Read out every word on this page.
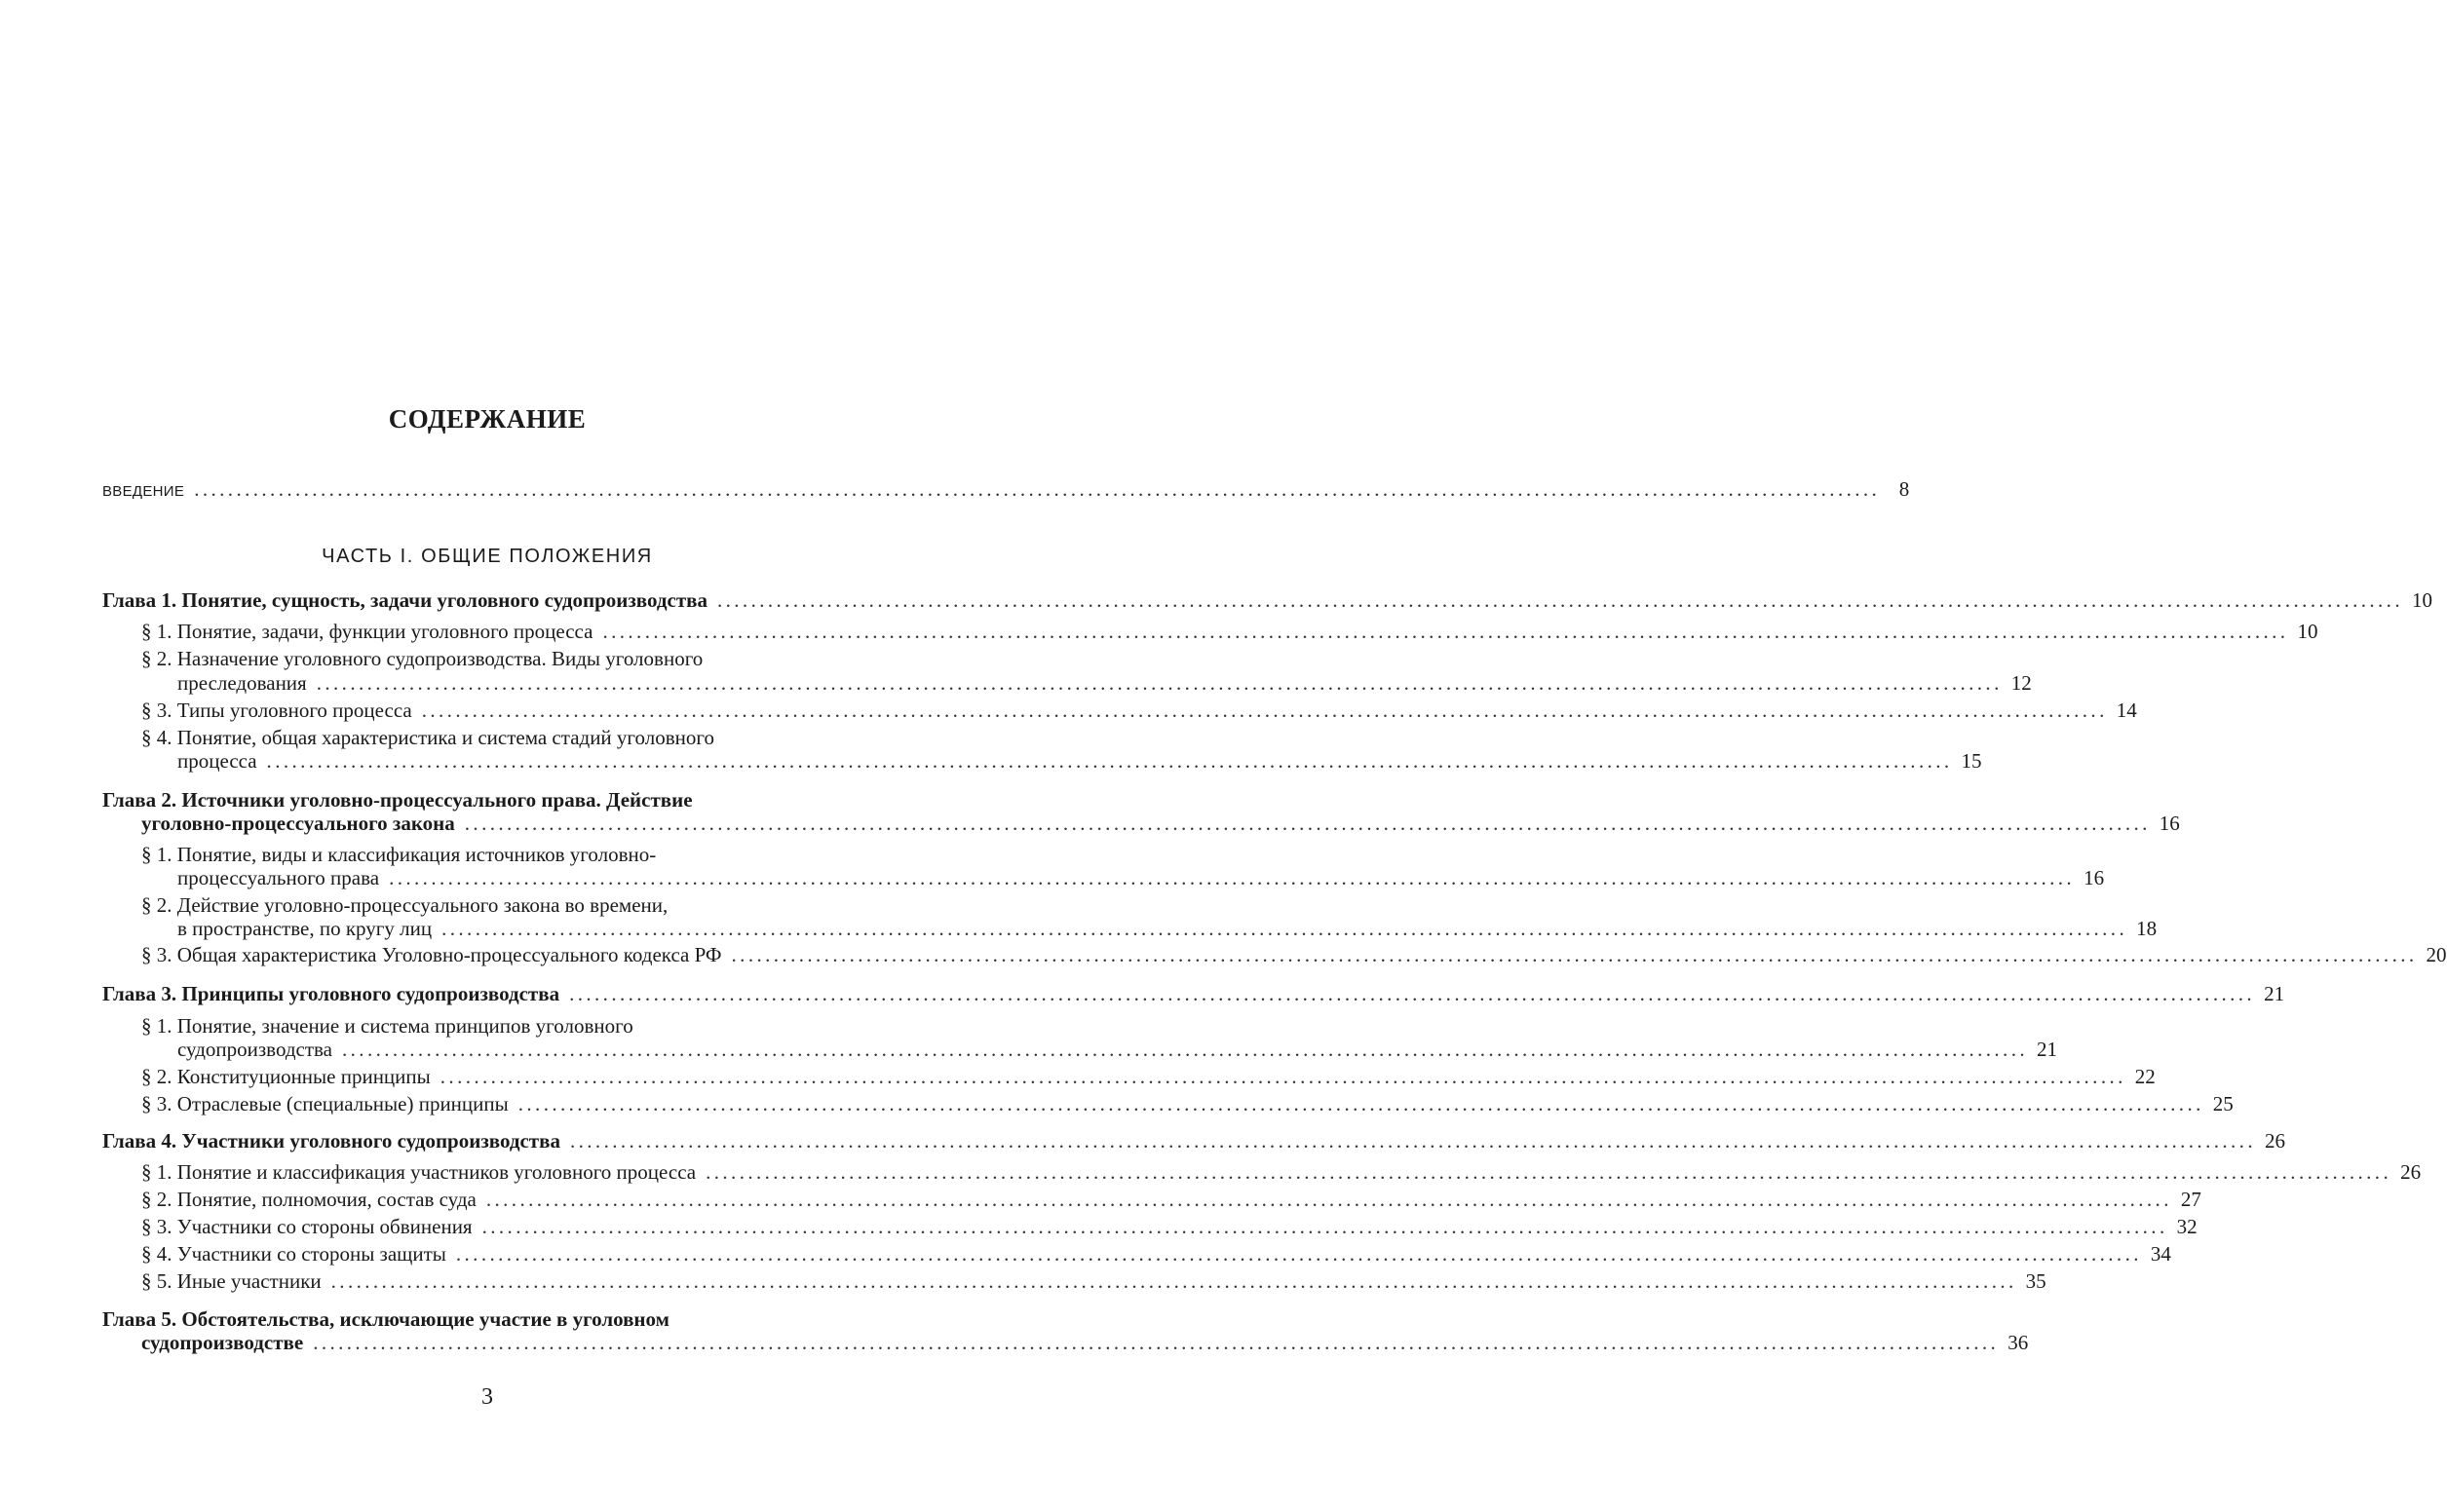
СОДЕРЖАНИЕ
ВВЕДЕНИЕ ........................................................................................................................................................................................................ 8
ЧАСТЬ I. ОБЩИЕ ПОЛОЖЕНИЯ
Глава 1. Понятие, сущность, задачи уголовного судопроизводства ........................................................................................................................................................................................................ 10
§ 1. Понятие, задачи, функции уголовного процесса ........................................................................................................................................................................................................ 10
§ 2. Назначение уголовного судопроизводства. Виды уголовного
преследования ........................................................................................................................................................................................................ 12
§ 3. Типы уголовного процесса ........................................................................................................................................................................................................ 14
§ 4. Понятие, общая характеристика и система стадий уголовного
процесса ........................................................................................................................................................................................................ 15
Глава 2. Источники уголовно-процессуального права. Действие
уголовно-процессуального закона ........................................................................................................................................................................................................ 16
§ 1. Понятие, виды и классификация источников уголовно-
процессуального права ........................................................................................................................................................................................................ 16
§ 2. Действие уголовно-процессуального закона во времени,
в пространстве, по кругу лиц ........................................................................................................................................................................................................ 18
§ 3. Общая характеристика Уголовно-процессуального кодекса РФ ........................................................................................................................................................................................................ 20
Глава 3. Принципы уголовного судопроизводства ........................................................................................................................................................................................................ 21
§ 1. Понятие, значение и система принципов уголовного
судопроизводства ........................................................................................................................................................................................................ 21
§ 2. Конституционные принципы ........................................................................................................................................................................................................ 22
§ 3. Отраслевые (специальные) принципы ........................................................................................................................................................................................................ 25
Глава 4. Участники уголовного судопроизводства ........................................................................................................................................................................................................ 26
§ 1. Понятие и классификация участников уголовного процесса ........................................................................................................................................................................................................ 26
§ 2. Понятие, полномочия, состав суда ........................................................................................................................................................................................................ 27
§ 3. Участники со стороны обвинения ........................................................................................................................................................................................................ 32
§ 4. Участники со стороны защиты ........................................................................................................................................................................................................ 34
§ 5. Иные участники ........................................................................................................................................................................................................ 35
Глава 5. Обстоятельства, исключающие участие в уголовном
судопроизводстве ........................................................................................................................................................................................................ 36
3
